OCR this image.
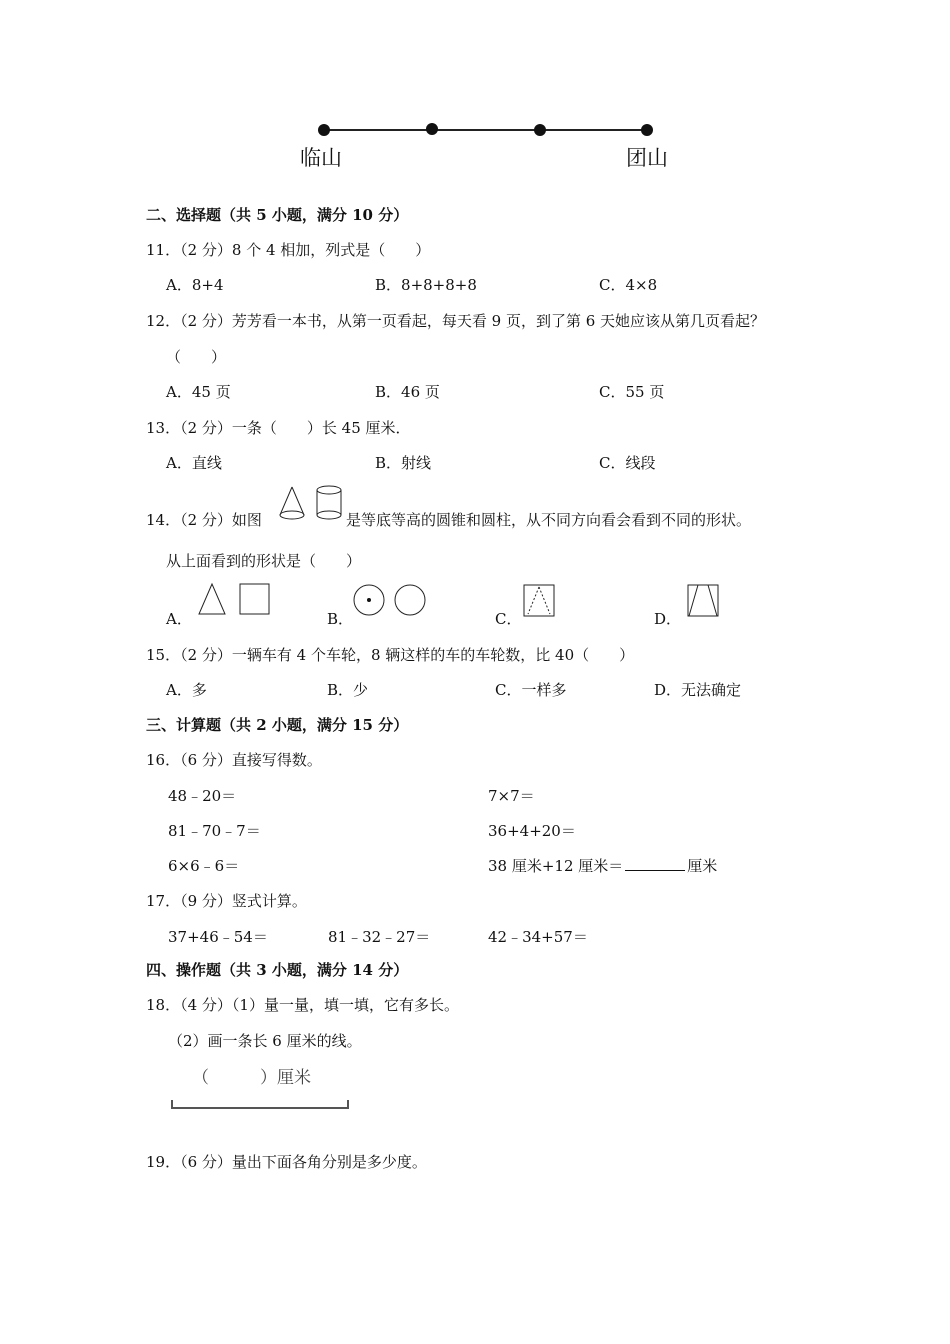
临山	团山
二、选择题（共 5 小题，满分 10 分）
11．（2 分）8 个 4 相加，列式是（　　）
A．8+4	B．8+8+8+8	C．4×8
12．（2 分）芳芳看一本书，从第一页看起，每天看 9 页，到了第 6 天她应该从第几页看起？
（　　）
A．45 页	B．46 页	C．55 页
13．（2 分）一条（　　）长 45 厘米．
A．直线	B．射线	C．线段
14．（2 分）如图	是等底等高的圆锥和圆柱，从不同方向看会看到不同的形状。
从上面看到的形状是（　　）
A．	B．	C．	D．
15．（2 分）一辆车有 4 个车轮，8 辆这样的车的车轮数，比 40（　　）
A．多	B．少	C．一样多	D．无法确定
三、计算题（共 2 小题，满分 15 分）
16．（6 分）直接写得数。
48﹣20＝	7×7＝
81﹣70﹣7＝	36+4+20＝
6×6﹣6＝	38 厘米+12 厘米＝	厘米
17．（9 分）竖式计算。
37+46﹣54＝	81﹣32﹣27＝	42﹣34+57＝
四、操作题（共 3 小题，满分 14 分）
18．（4 分）（1）量一量，填一填，它有多长。
（2）画一条长 6 厘米的线。
（　　　）厘米
19．（6 分）量出下面各角分别是多少度。
